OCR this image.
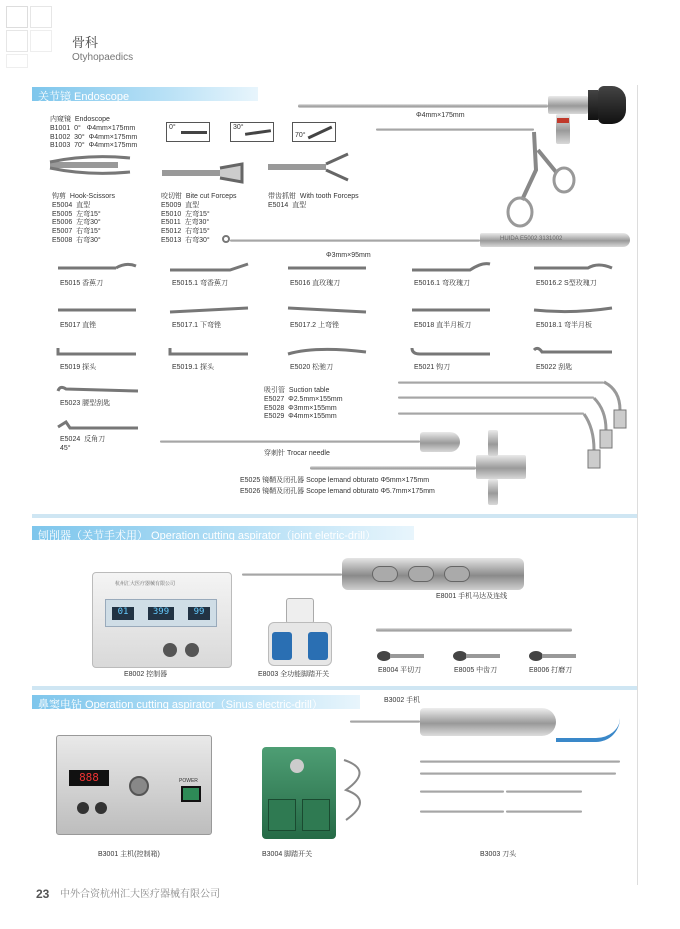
骨科
Otyhopaedics
关节镜 Endoscope
内窥镜  Endoscope
B1001  0°   Φ4mm×175mm
B1002  30°  Φ4mm×175mm
B1003  70°  Φ4mm×175mm
0°	30°
70°
Φ4mm×175mm
钩剪  Hook-Scissors
E5004  直型
E5005  左弯15°
E5006  左弯30°
E5007  右弯15°
E5008  右弯30°
咬切钳  Bite cut Forceps
E5009  直型
E5010  左弯15°
E5011  左弯30°
E5012  右弯15°
E5013  右弯30°
带齿抓钳  With tooth Forceps
E5014  直型
HUIDA E5002 3131002
Φ3mm×95mm
E5015 香蕉刀	E5015.1 弯香蕉刀	E5016 直玫瑰刀	E5016.1 弯玫瑰刀	E5016.2 S型玫瑰刀
E5017 直锉	E5017.1 下弯锉	E5017.2 上弯锉	E5018 直半月板刀	E5018.1 弯半月板
E5019 探头	E5019.1 探头	E5020 松驰刀	E5021 钩刀	E5022 刮匙
E5023 腰型刮匙
E5024  反角刀
45°
吸引管  Suction table
E5027  Φ2.5mm×155mm
E5028  Φ3mm×155mm
E5029  Φ4mm×155mm
穿刺针 Trocar needle
E5025 镜鞘及闭孔器 Scope lemand obturato Φ5mm×175mm
E5026 镜鞘及闭孔器 Scope lemand obturato Φ5.7mm×175mm
刨削器（关节手术用） Operation cutting aspirator（joint eletric-drill）
杭州汇大医疗器械有限公司
01	399	99
E8002 控制器	E8003 全功能脚踏开关
E8001 手机马达及连线
E8004 平切刀	E8005 中齿刀	E8006 打磨刀
鼻窦电钻 Operation cutting aspirator（Sinus electric-drill）	B3002 手机
888	POWER
B3001 主机(控制箱)	B3004 脚踏开关	B3003 刀头
23 中外合资杭州汇大医疗器械有限公司
